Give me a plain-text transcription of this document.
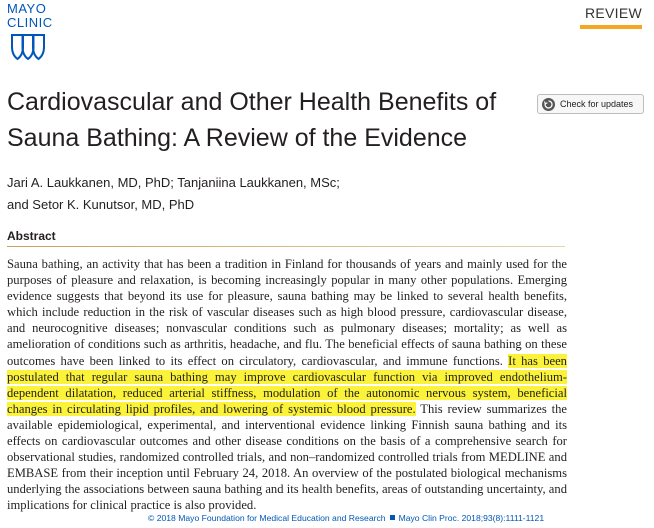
MAYO
CLINIC
REVIEW
Cardiovascular and Other Health Benefits of
Sauna Bathing: A Review of the Evidence
Check for updates
Jari A. Laukkanen, MD, PhD; Tanjaniina Laukkanen, MSc;
and Setor K. Kunutsor, MD, PhD
Abstract

Sauna bathing, an activity that has been a tradition in Finland for thousands of years and mainly used for the purposes of pleasure and relaxation, is becoming increasingly popular in many other populations. Emerging evidence suggests that beyond its use for pleasure, sauna bathing may be linked to several health benefits, which include reduction in the risk of vascular diseases such as high blood pressure, cardiovascular disease, and neurocognitive diseases; nonvascular conditions such as pulmonary diseases; mortality; as well as amelioration of conditions such as arthritis, headache, and flu. The beneficial effects of sauna bathing on these outcomes have been linked to its effect on circulatory, cardiovascular, and immune functions. It has been postulated that regular sauna bathing may improve cardiovascular function via improved endothelium-dependent dilatation, reduced arterial stiffness, modulation of the autonomic nervous system, beneficial changes in circulating lipid profiles, and lowering of systemic blood pressure. This review summarizes the available epidemiological, experimental, and interventional evidence linking Finnish sauna bathing and its effects on cardiovascular outcomes and other disease conditions on the basis of a comprehensive search for observational studies, randomized controlled trials, and non–randomized controlled trials from MEDLINE and EMBASE from their inception until February 24, 2018. An overview of the postulated biological mechanisms underlying the associations between sauna bathing and its health benefits, areas of outstanding uncertainty, and implications for clinical practice is also provided.

© 2018 Mayo Foundation for Medical Education and Research Mayo Clin Proc. 2018;93(8):1111-1121
